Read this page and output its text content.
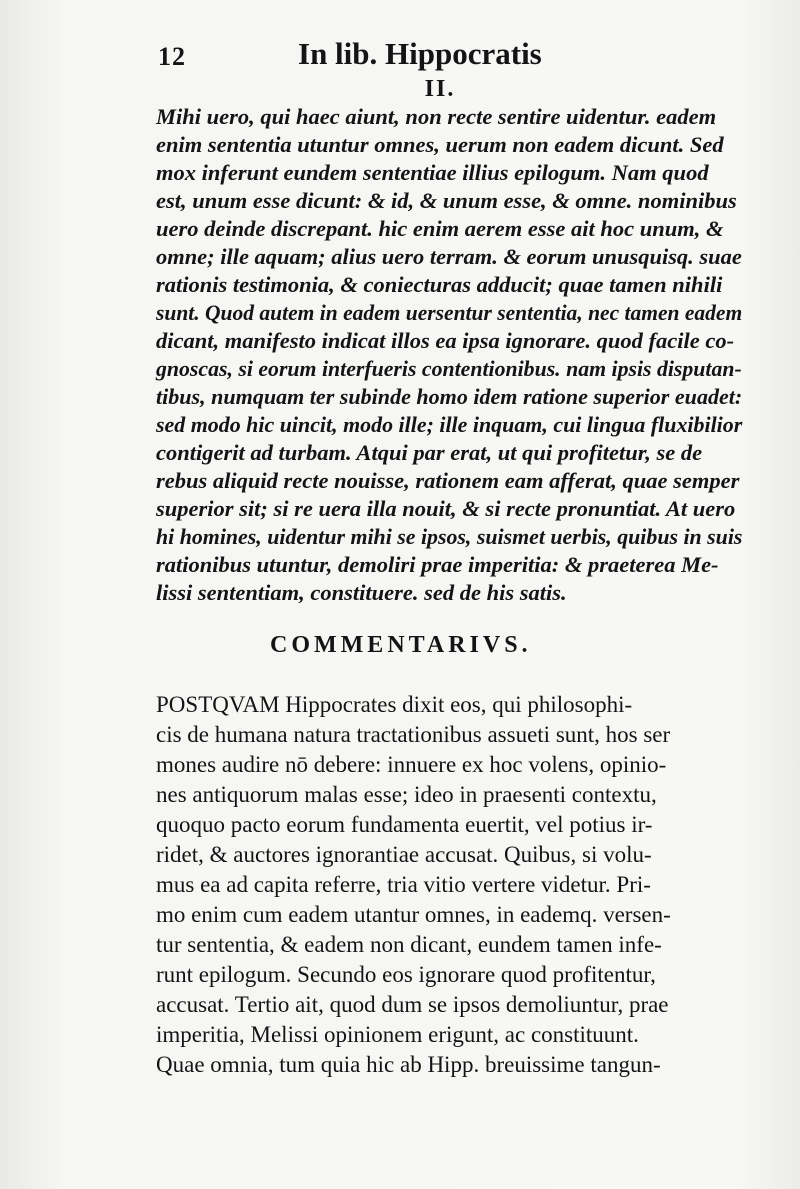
12	In lib. Hippocratis
II.
Mihi uero, qui haec aiunt, non recte sentire uidentur. eadem
enim sententia utuntur omnes, uerum non eadem dicunt. Sed
mox inferunt eundem sententiae illius epilogum. Nam quod
est, unum esse dicunt: & id, & unum esse, & omne. nominibus
uero deinde discrepant. hic enim aerem esse ait hoc unum, &
omne; ille aquam; alius uero terram. & eorum unusquisq. suae
rationis testimonia, & coniecturas adducit; quae tamen nihili
sunt. Quod autem in eadem uersentur sententia, nec tamen eadem
dicant, manifesto indicat illos ea ipsa ignorare. quod facile co-
gnoscas, si eorum interfueris contentionibus. nam ipsis disputan-
tibus, numquam ter subinde homo idem ratione superior euadet:
sed modo hic uincit, modo ille; ille inquam, cui lingua fluxibilior
contigerit ad turbam. Atqui par erat, ut qui profitetur, se de
rebus aliquid recte nouisse, rationem eam afferat, quae semper
superior sit; si re uera illa nouit, & si recte pronuntiat. At uero
hi homines, uidentur mihi se ipsos, suismet uerbis, quibus in suis
rationibus utuntur, demoliri prae imperitia: & praeterea Me-
lissi sententiam, constituere. sed de his satis.
COMMENTARIVS.
POSTQVAM Hippocrates dixit eos, qui philosophi-
cis de humana natura tractationibus assueti sunt, hos ser
mones audire nō debere: innuere ex hoc volens, opinio-
nes antiquorum malas esse; ideo in praesenti contextu,
quoquo pacto eorum fundamenta euertit, vel potius ir-
ridet, & auctores ignorantiae accusat. Quibus, si volu-
mus ea ad capita referre, tria vitio vertere videtur. Pri-
mo enim cum eadem utantur omnes, in eademq. versen-
tur sententia, & eadem non dicant, eundem tamen infe-
runt epilogum. Secundo eos ignorare quod profitentur,
accusat. Tertio ait, quod dum se ipsos demoliuntur, prae
imperitia, Melissi opinionem erigunt, ac constituunt.
Quae omnia, tum quia hic ab Hipp. breuissime tangun-
